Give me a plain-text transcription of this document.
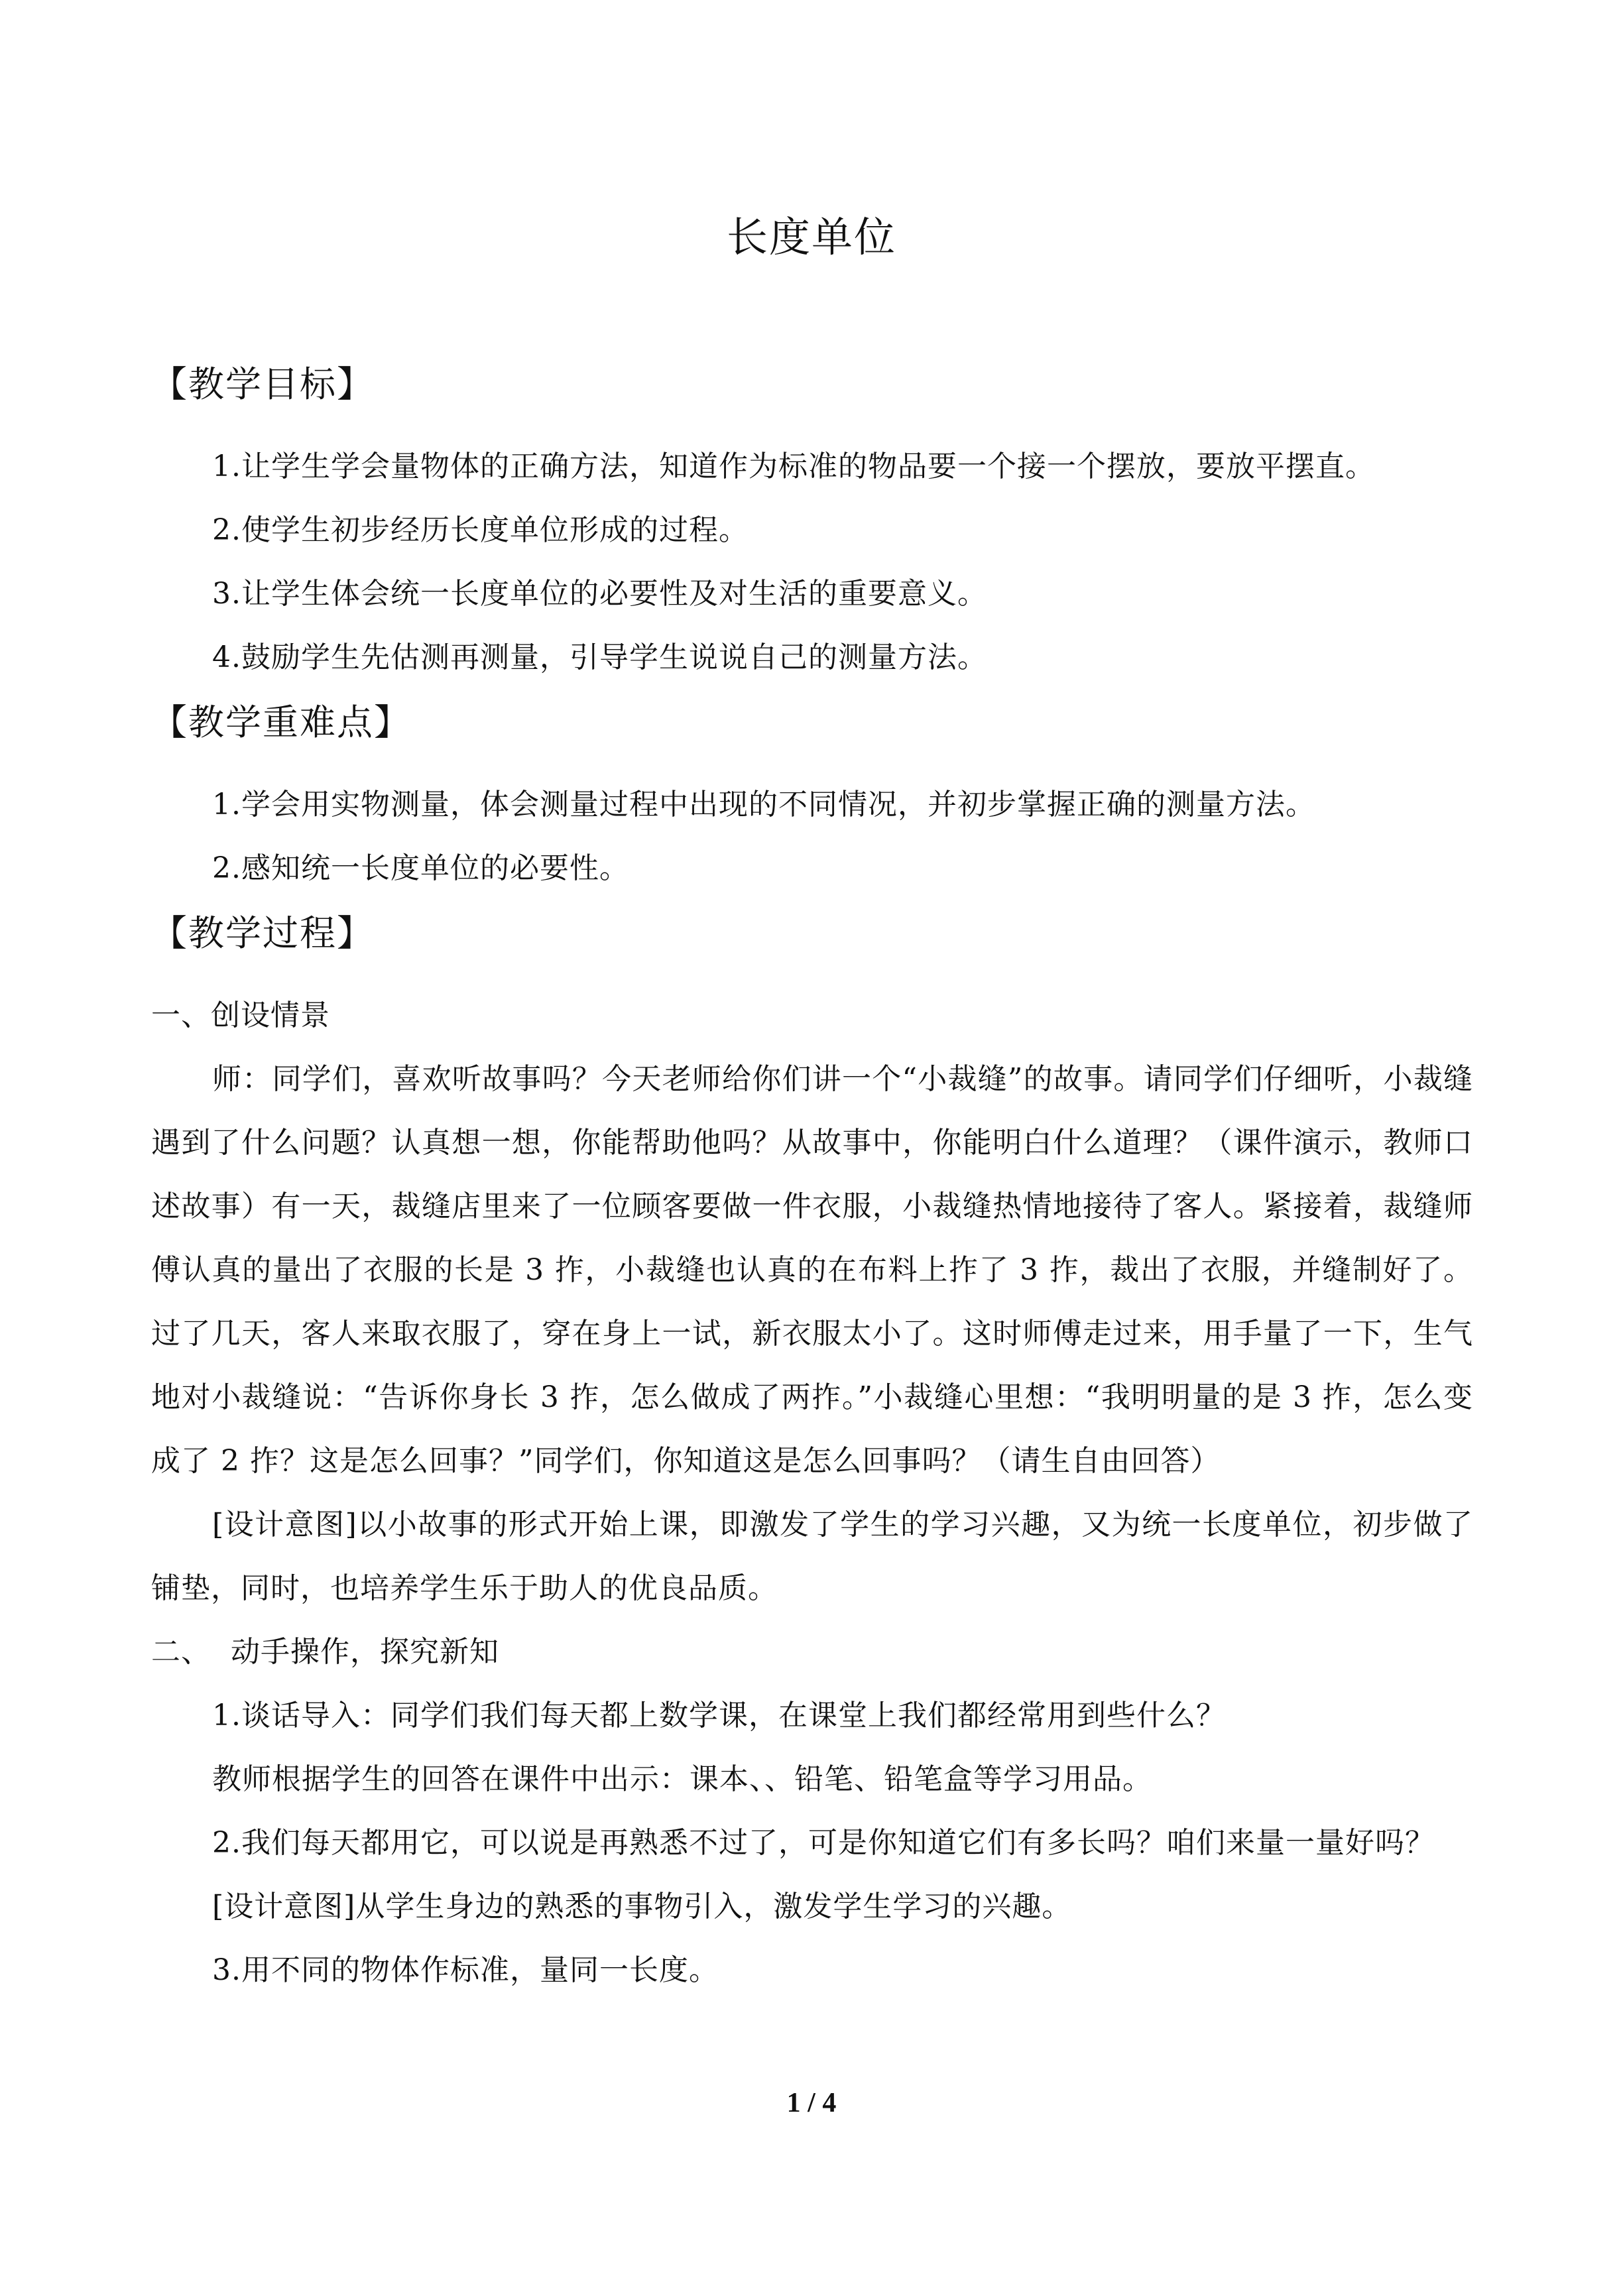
长度单位
【教学目标】

1.让学生学会量物体的正确方法，知道作为标准的物品要一个接一个摆放，要放平摆直。

2.使学生初步经历长度单位形成的过程。

3.让学生体会统一长度单位的必要性及对生活的重要意义。

4.鼓励学生先估测再测量，引导学生说说自己的测量方法。

【教学重难点】

1.学会用实物测量，体会测量过程中出现的不同情况，并初步掌握正确的测量方法。

2.感知统一长度单位的必要性。

【教学过程】

一、创设情景

师：同学们，喜欢听故事吗？今天老师给你们讲一个“小裁缝”的故事。请同学们仔细听，小裁缝遇到了什么问题？认真想一想，你能帮助他吗？从故事中，你能明白什么道理？（课件演示，教师口述故事）有一天，裁缝店里来了一位顾客要做一件衣服，小裁缝热情地接待了客人。紧接着，裁缝师傅认真的量出了衣服的长是 3 拃，小裁缝也认真的在布料上拃了 3 拃，裁出了衣服，并缝制好了。过了几天，客人来取衣服了，穿在身上一试，新衣服太小了。这时师傅走过来，用手量了一下，生气地对小裁缝说：“告诉你身长 3 拃，怎么做成了两拃。”小裁缝心里想：“我明明量的是 3 拃，怎么变成了 2 拃？这是怎么回事？”同学们，你知道这是怎么回事吗？（请生自由回答）

[设计意图]以小故事的形式开始上课，即激发了学生的学习兴趣，又为统一长度单位，初步做了铺垫，同时，也培养学生乐于助人的优良品质。

二、  动手操作，探究新知

1.谈话导入：同学们我们每天都上数学课，在课堂上我们都经常用到些什么？

教师根据学生的回答在课件中出示：课本、、铅笔、铅笔盒等学习用品。

2.我们每天都用它，可以说是再熟悉不过了，可是你知道它们有多长吗？咱们来量一量好吗？

[设计意图]从学生身边的熟悉的事物引入，激发学生学习的兴趣。

3.用不同的物体作标准，量同一长度。

1 / 4
